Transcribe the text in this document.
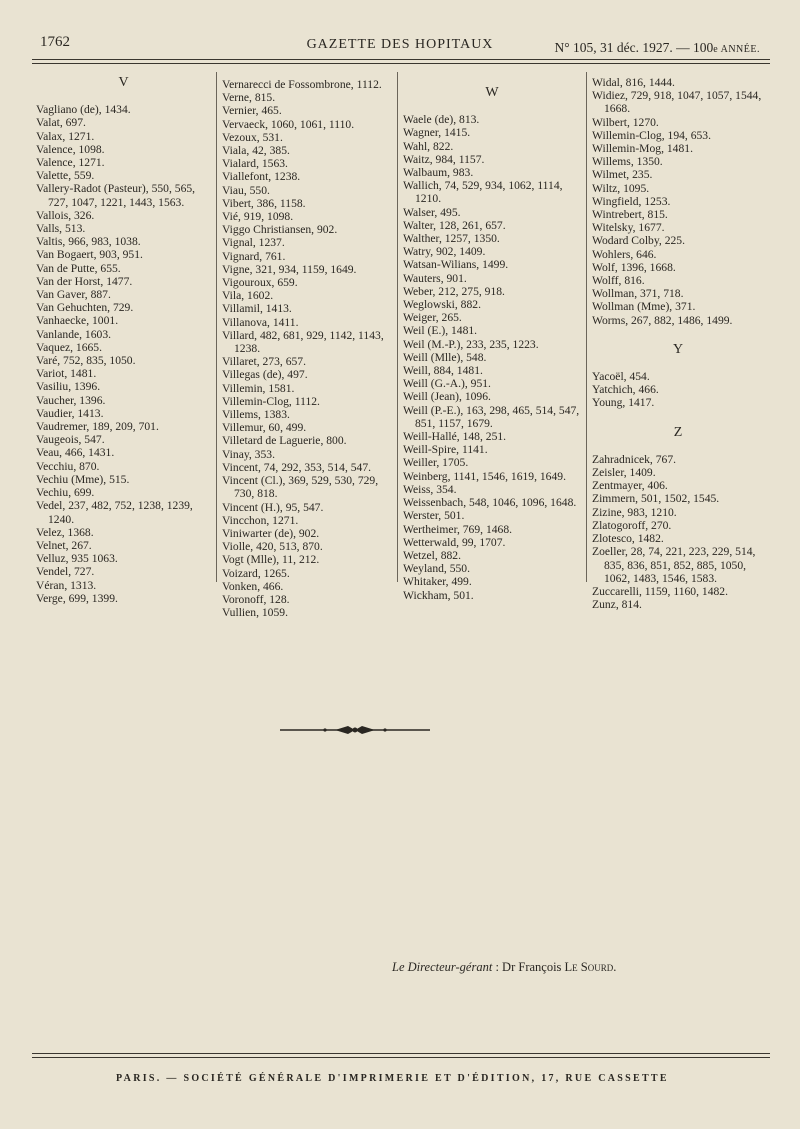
1762	GAZETTE DES HOPITAUX	N° 105, 31 déc. 1927. — 100e ANNÉE.
V
Vagliano (de), 1434.
Valat, 697.
Valax, 1271.
Valence, 1098.
Valence, 1271.
Valette, 559.
Vallery-Radot (Pasteur), 550, 565, 727, 1047, 1221, 1443, 1563.
Vallois, 326.
Valls, 513.
Valtis, 966, 983, 1038.
Van Bogaert, 903, 951.
Van de Putte, 655.
Van der Horst, 1477.
Van Gaver, 887.
Van Gehuchten, 729.
Vanhaecke, 1001.
Vanlande, 1603.
Vaquez, 1665.
Varé, 752, 835, 1050.
Variot, 1481.
Vasiliu, 1396.
Vaucher, 1396.
Vaudier, 1413.
Vaudremer, 189, 209, 701.
Vaugeois, 547.
Veau, 466, 1431.
Vecchiu, 870.
Vechiu (Mme), 515.
Vechiu, 699.
Vedel, 237, 482, 752, 1238, 1239, 1240.
Velez, 1368.
Velnet, 267.
Velluz, 935 1063.
Vendel, 727.
Véran, 1313.
Verge, 699, 1399.
Vernarecci de Fossombrone, 1112.
Verne, 815.
Vernier, 465.
Vervaeck, 1060, 1061, 1110.
Vezoux, 531.
Viala, 42, 385.
Vialard, 1563.
Viallefont, 1238.
Viau, 550.
Vibert, 386, 1158.
Vié, 919, 1098.
Viggo Christiansen, 902.
Vignal, 1237.
Vignard, 761.
Vigne, 321, 934, 1159, 1649.
Vigouroux, 659.
Vila, 1602.
Villamil, 1413.
Villanova, 1411.
Villard, 482, 681, 929, 1142, 1143, 1238.
Villaret, 273, 657.
Villegas (de), 497.
Villemin, 1581.
Villemin-Clog, 1112.
Villems, 1383.
Villemur, 60, 499.
Villetard de Laguerie, 800.
Vinay, 353.
Vincent, 74, 292, 353, 514, 547.
Vincent (Cl.), 369, 529, 530, 729, 730, 818.
Vincent (H.), 95, 547.
Vincchon, 1271.
Viniwarter (de), 902.
Violle, 420, 513, 870.
Vogt (Mlle), 11, 212.
Voizard, 1265.
Vonken, 466.
Voronoff, 128.
Vullien, 1059.
W
Waele (de), 813.
Wagner, 1415.
Wahl, 822.
Waitz, 984, 1157.
Walbaum, 983.
Wallich, 74, 529, 934, 1062, 1114, 1210.
Walser, 495.
Walter, 128, 261, 657.
Walther, 1257, 1350.
Watry, 902, 1409.
Watsan-Wilians, 1499.
Wauters, 901.
Weber, 212, 275, 918.
Weglowski, 882.
Weiger, 265.
Weil (E.), 1481.
Weil (M.-P.), 233, 235, 1223.
Weill (Mlle), 548.
Weill, 884, 1481.
Weill (G.-A.), 951.
Weill (Jean), 1096.
Weill (P.-E.), 163, 298, 465, 514, 547, 851, 1157, 1679.
Weill-Hallé, 148, 251.
Weill-Spire, 1141.
Weiller, 1705.
Weinberg, 1141, 1546, 1619, 1649.
Weiss, 354.
Weissenbach, 548, 1046, 1096, 1648.
Werster, 501.
Wertheimer, 769, 1468.
Wetterwald, 99, 1707.
Wetzel, 882.
Weyland, 550.
Whitaker, 499.
Wickham, 501.
Widal, 816, 1444.
Widiez, 729, 918, 1047, 1057, 1544, 1668.
Wilbert, 1270.
Willemin-Clog, 194, 653.
Willemin-Mog, 1481.
Willems, 1350.
Wilmet, 235.
Wiltz, 1095.
Wingfield, 1253.
Wintrebert, 815.
Witelsky, 1677.
Wodard Colby, 225.
Wohlers, 646.
Wolf, 1396, 1668.
Wolff, 816.
Wollman, 371, 718.
Wollman (Mme), 371.
Worms, 267, 882, 1486, 1499.
Y
Yacoël, 454.
Yatchich, 466.
Young, 1417.
Z
Zahradnicek, 767.
Zeisler, 1409.
Zentmayer, 406.
Zimmern, 501, 1502, 1545.
Zizine, 983, 1210.
Zlatogoroff, 270.
Zlotesco, 1482.
Zoeller, 28, 74, 221, 223, 229, 514, 835, 836, 851, 852, 885, 1050, 1062, 1483, 1546, 1583.
Zuccarelli, 1159, 1160, 1482.
Zunz, 814.
Le Directeur-gérant : Dr François Le Sourd.
PARIS. — SOCIÉTÉ GÉNÉRALE D'IMPRIMERIE ET D'ÉDITION, 17, RUE CASSETTE
